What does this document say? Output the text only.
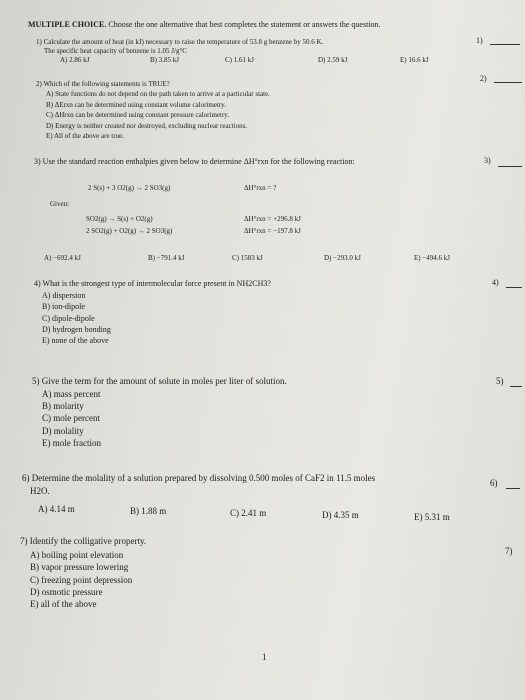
MULTIPLE CHOICE. Choose the one alternative that best completes the statement or answers the question.
1) Calculate the amount of heat (in kJ) necessary to raise the temperature of 53.8 g benzene by 50.6 K.
The specific heat capacity of benzene is 1.05 J/g°C
1)
A) 2.86 kJ	B) 3.85 kJ	C) 1.61 kJ	D) 2.59 kJ	E) 16.6 kJ
2) Which of the following statements is TRUE?
2)
A) State functions do not depend on the path taken to arrive at a particular state.
B) ΔErxn can be determined using constant volume calorimetry.
C) ΔHrxn can be determined using constant pressure calorimetry.
D) Energy is neither created nor destroyed, excluding nuclear reactions.
E) All of the above are true.
3) Use the standard reaction enthalpies given below to determine ΔH°rxn for the following reaction:	3)
2 S(s) + 3 O2(g) → 2 SO3(g)	ΔH°rxn = ?
Given:
SO2(g) → S(s) + O2(g)	ΔH°rxn = +296.8 kJ
2 SO2(g) + O2(g) → 2 SO3(g)	ΔH°rxn = −197.8 kJ
A) −692.4 kJ	B) −791.4 kJ	C) 1583 kJ	D) −293.0 kJ	E) −494.6 kJ
4) What is the strongest type of intermolecular force present in NH2CH3?	4)
A) dispersion
B) ion-dipole
C) dipole-dipole
D) hydrogen bonding
E) none of the above
5) Give the term for the amount of solute in moles per liter of solution.	5)
A) mass percent
B) molarity
C) mole percent
D) molality
E) mole fraction
6) Determine the molality of a solution prepared by dissolving 0.500 moles of CaF2 in 11.5 moles
H2O.
6)
A) 4.14 m	B) 1.88 m	C) 2.41 m	D) 4.35 m	E) 5.31 m
7) Identify the colligative property.
7)
A) boiling point elevation
B) vapor pressure lowering
C) freezing point depression
D) osmotic pressure
E) all of the above
1
